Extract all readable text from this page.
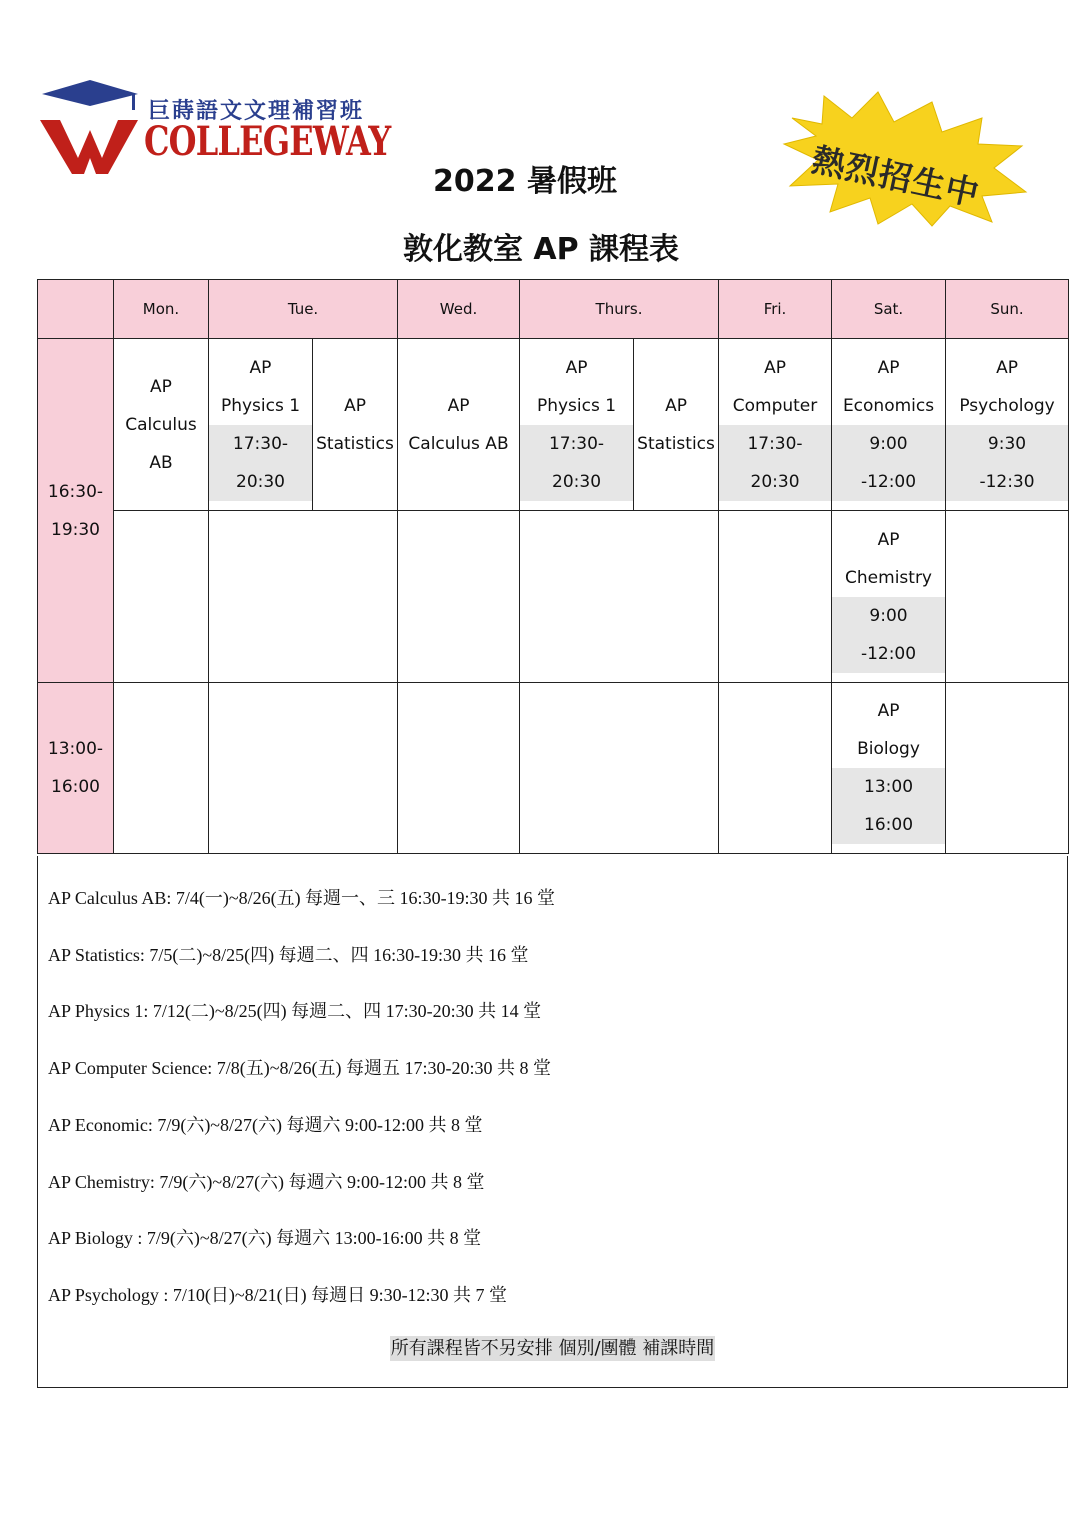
巨蒔語文文理補習班
COLLEGEWAY	熱烈招生中
2022 暑假班
敦化教室 AP 課程表
	Mon.	Tue.		Wed.	Thurs.		Fri.	Sat.	Sun.

16:30-
19:30	AP
Calculus
AB	AP
Physics 1
17:30-
20:30	AP
Statistics	AP
Calculus AB	AP
Physics 1
17:30-
20:30	AP
Statistics	AP
Computer
17:30-
20:30	AP
Economics
9:00
-12:00	AP
Psychology
9:30
-12:30

								AP
Chemistry
9:00
-12:00	

13:00-
16:00								AP
Biology
13:00
16:00	

AP Calculus AB: 7/4(一)~8/26(五) 每週一、三 16:30-19:30 共 16 堂
AP Statistics: 7/5(二)~8/25(四) 每週二、四 16:30-19:30 共 16 堂
AP Physics 1: 7/12(二)~8/25(四) 每週二、四 17:30-20:30 共 14 堂
AP Computer Science: 7/8(五)~8/26(五) 每週五 17:30-20:30 共 8 堂
AP Economic: 7/9(六)~8/27(六) 每週六 9:00-12:00 共 8 堂
AP Chemistry: 7/9(六)~8/27(六) 每週六 9:00-12:00 共 8 堂
AP Biology : 7/9(六)~8/27(六) 每週六 13:00-16:00 共 8 堂
AP Psychology : 7/10(日)~8/21(日) 每週日 9:30-12:30 共 7 堂
所有課程皆不另安排 個別/團體 補課時間
